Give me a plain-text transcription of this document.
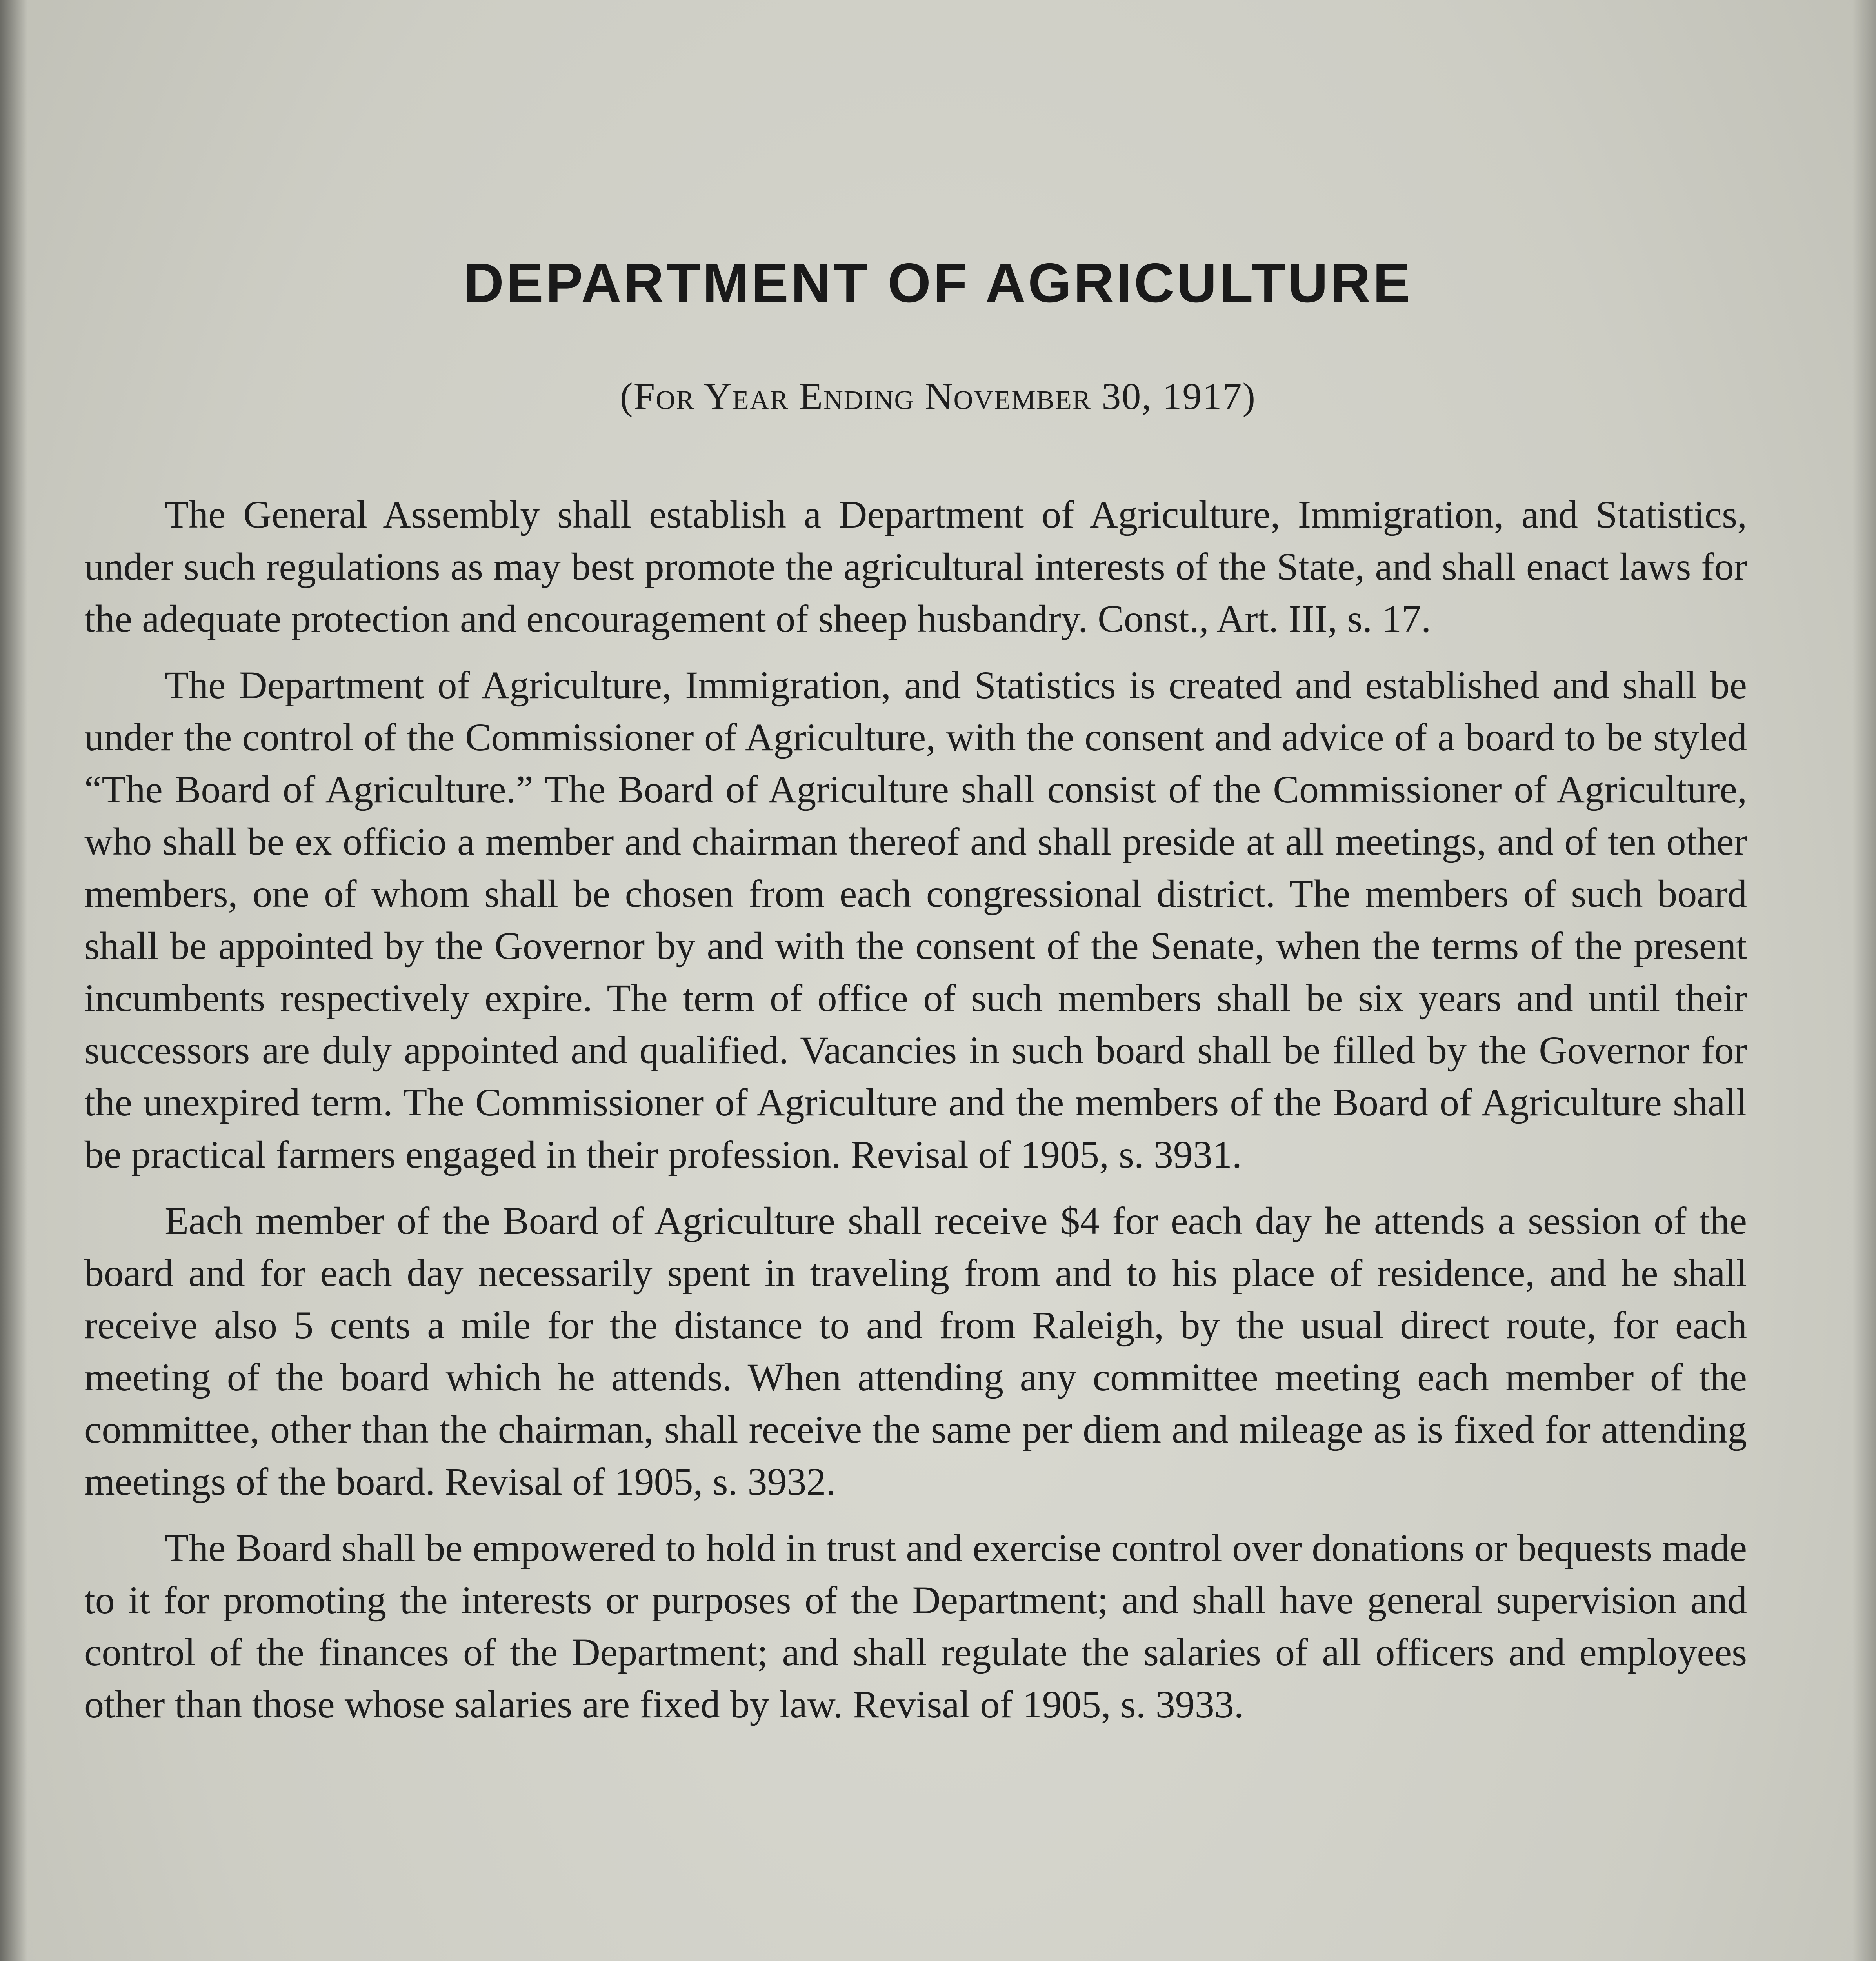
DEPARTMENT OF AGRICULTURE
(For Year Ending November 30, 1917)

The General Assembly shall establish a Department of Agriculture, Immigration, and Statistics, under such regulations as may best promote the agricultural interests of the State, and shall enact laws for the adequate protection and encouragement of sheep husbandry. Const., Art. III, s. 17.

The Department of Agriculture, Immigration, and Statistics is created and established and shall be under the control of the Commissioner of Agriculture, with the consent and advice of a board to be styled “The Board of Agriculture.” The Board of Agriculture shall consist of the Commissioner of Agriculture, who shall be ex officio a member and chairman thereof and shall preside at all meetings, and of ten other members, one of whom shall be chosen from each congressional district. The members of such board shall be appointed by the Governor by and with the consent of the Senate, when the terms of the present incumbents respectively expire. The term of office of such members shall be six years and until their successors are duly appointed and qualified. Vacancies in such board shall be filled by the Governor for the unexpired term. The Commissioner of Agriculture and the members of the Board of Agriculture shall be practical farmers engaged in their profession. Revisal of 1905, s. 3931.

Each member of the Board of Agriculture shall receive $4 for each day he attends a session of the board and for each day necessarily spent in traveling from and to his place of residence, and he shall receive also 5 cents a mile for the distance to and from Raleigh, by the usual direct route, for each meeting of the board which he attends. When attending any committee meeting each member of the committee, other than the chairman, shall receive the same per diem and mileage as is fixed for attending meetings of the board. Revisal of 1905, s. 3932.

The Board shall be empowered to hold in trust and exercise control over donations or bequests made to it for promoting the interests or purposes of the Department; and shall have general supervision and control of the finances of the Department; and shall regulate the salaries of all officers and employees other than those whose salaries are fixed by law. Revisal of 1905, s. 3933.
